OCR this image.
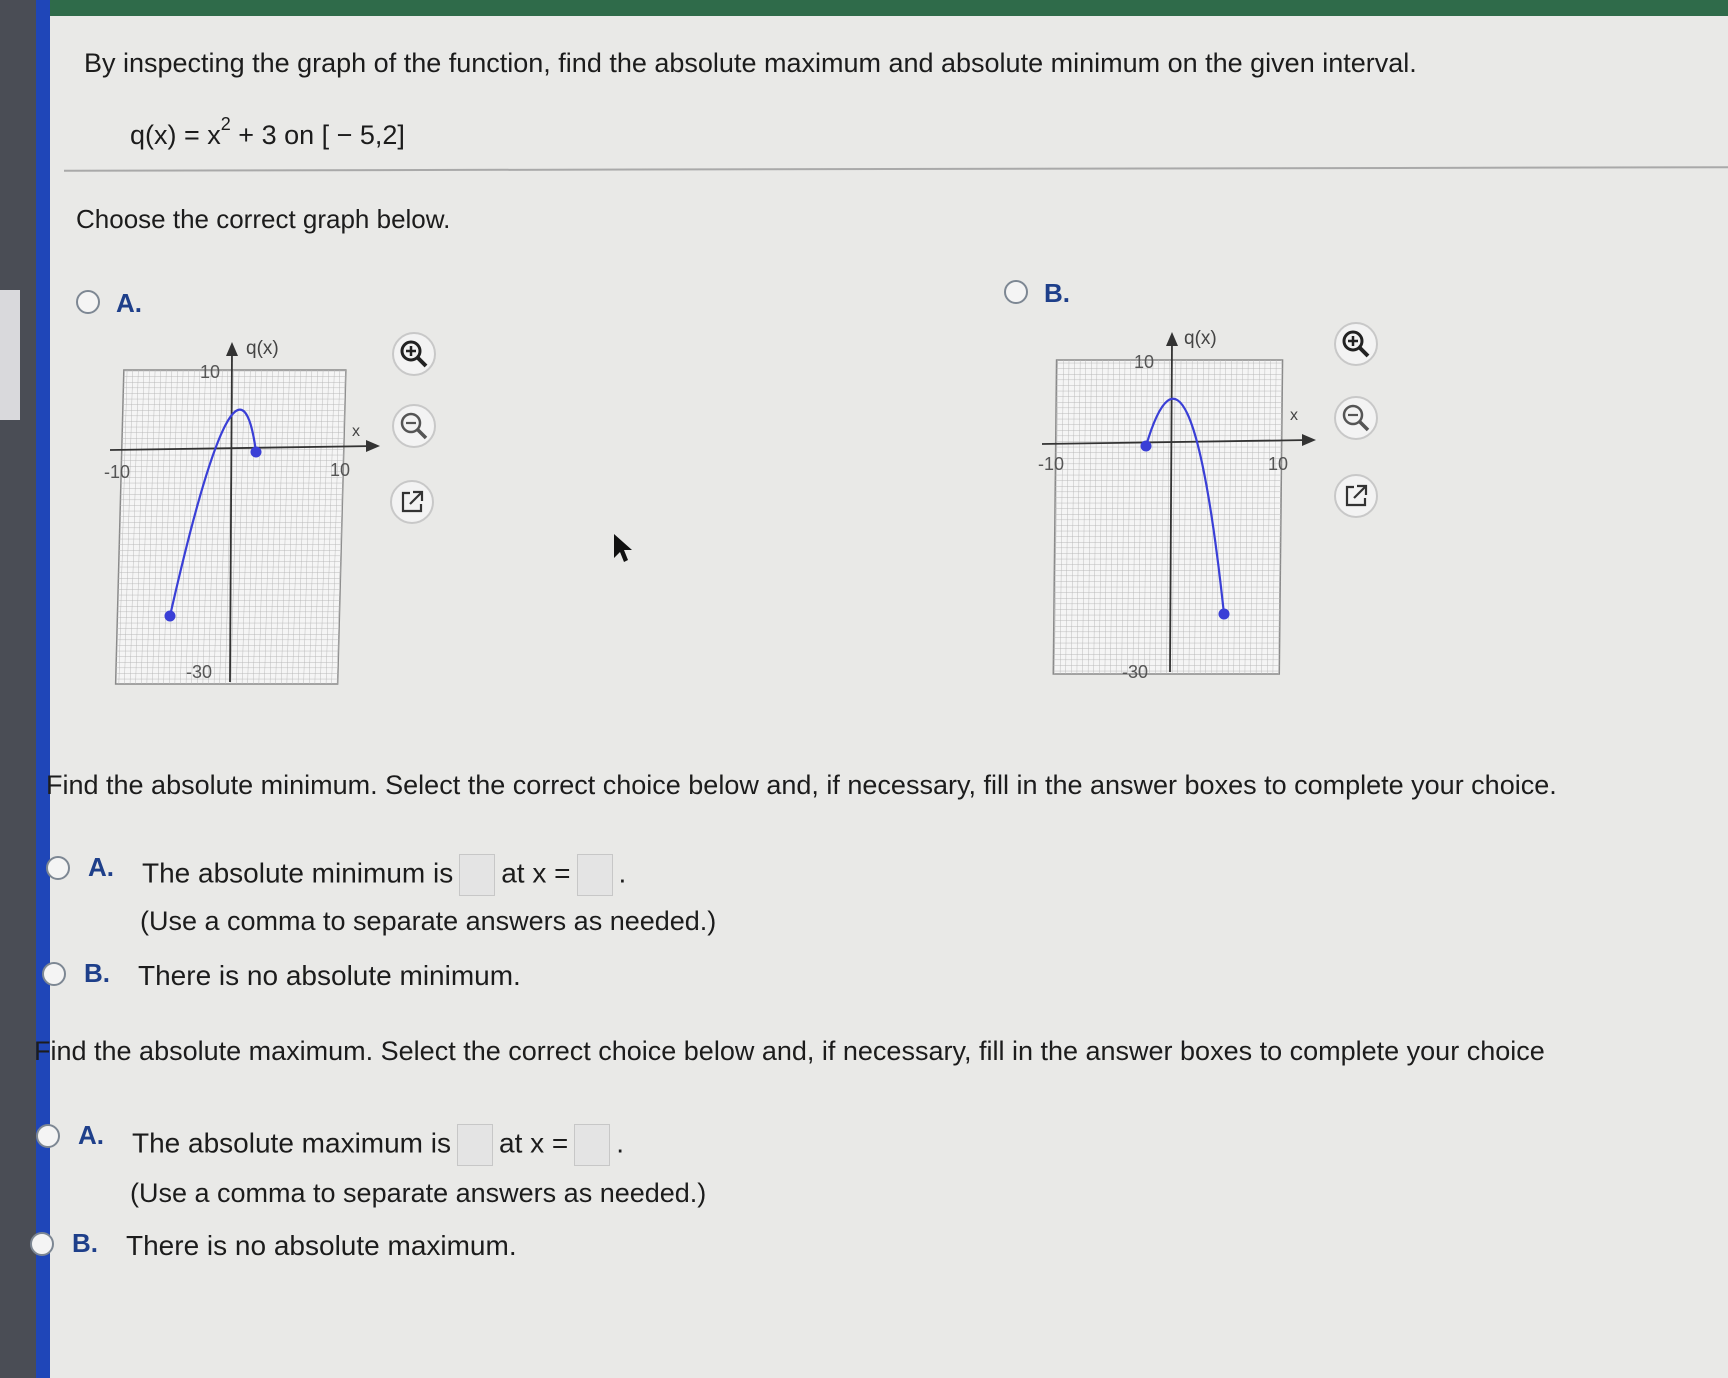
By inspecting the graph of the function, find the absolute maximum and absolute minimum on the given interval.
$q(x) = x^2 + 3$ on [ − 5,2]
Choose the correct graph below.
A.
q(x)
x
10
-30
-10	10
B.
q(x)
x
10
-30
-10	10
Find the absolute minimum. Select the correct choice below and, if necessary, fill in the answer boxes to complete your choice.
A. The absolute minimum is at x = .
(Use a comma to separate answers as needed.)
B. There is no absolute minimum.
Find the absolute maximum. Select the correct choice below and, if necessary, fill in the answer boxes to complete your choice
A. The absolute maximum is at x = .
(Use a comma to separate answers as needed.)
B. There is no absolute maximum.
